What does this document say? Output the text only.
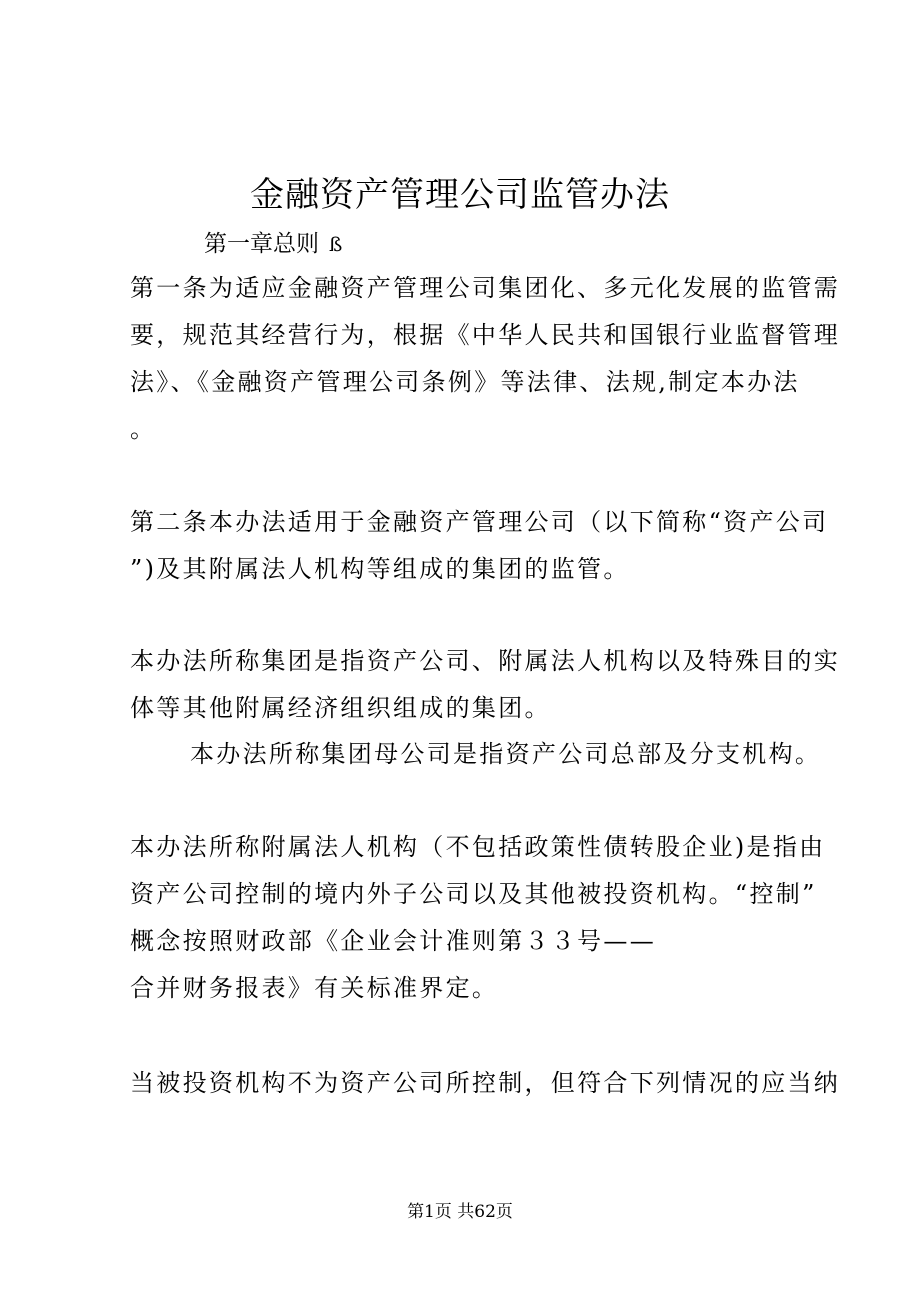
金融资产管理公司监管办法

第一章总则 ß

第一条为适应金融资产管理公司集团化、多元化发展的监管需
要，规范其经营行为，根据《中华人民共和国银行业监督管理
法》、《金融资产管理公司条例》等法律、法规,制定本办法
。

第二条本办法适用于金融资产管理公司（以下简称“资产公司
”)及其附属法人机构等组成的集团的监管。

本办法所称集团是指资产公司、附属法人机构以及特殊目的实
体等其他附属经济组织组成的集团。

本办法所称集团母公司是指资产公司总部及分支机构。

本办法所称附属法人机构（不包括政策性债转股企业)是指由
资产公司控制的境内外子公司以及其他被投资机构。“控制”
概念按照财政部《企业会计准则第３３号——
合并财务报表》有关标准界定。

当被投资机构不为资产公司所控制，但符合下列情况的应当纳

第1页 共62页
